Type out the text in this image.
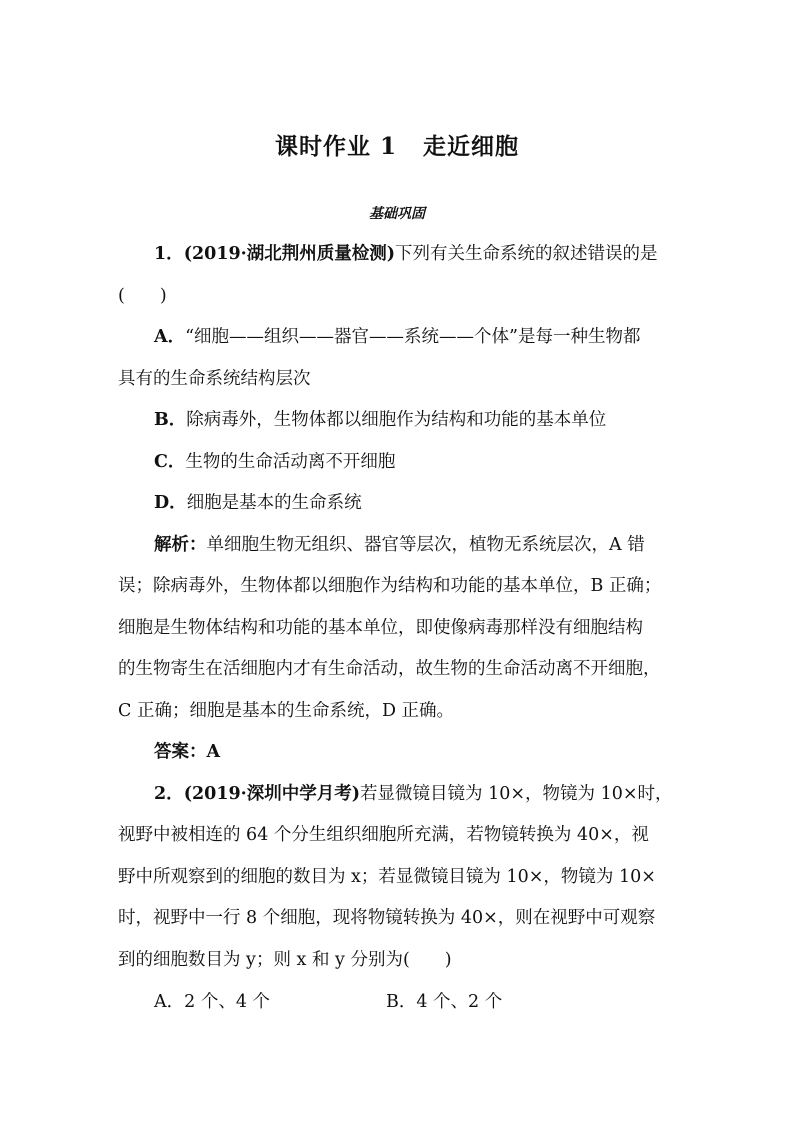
课时作业 1 走近细胞
基础巩固
1．(2019·湖北荆州质量检测)下列有关生命系统的叙述错误的是
(　　)
A．“细胞——组织——器官——系统——个体”是每一种生物都
具有的生命系统结构层次
B．除病毒外，生物体都以细胞作为结构和功能的基本单位
C．生物的生命活动离不开细胞
D．细胞是基本的生命系统
解析：单细胞生物无组织、器官等层次，植物无系统层次，A 错
误；除病毒外，生物体都以细胞作为结构和功能的基本单位，B 正确；
细胞是生物体结构和功能的基本单位，即使像病毒那样没有细胞结构
的生物寄生在活细胞内才有生命活动，故生物的生命活动离不开细胞，
C 正确；细胞是基本的生命系统，D 正确。
答案：A
2．(2019·深圳中学月考)若显微镜目镜为 10×，物镜为 10×时，
视野中被相连的 64 个分生组织细胞所充满，若物镜转换为 40×，视
野中所观察到的细胞的数目为 x；若显微镜目镜为 10×，物镜为 10×
时，视野中一行 8 个细胞，现将物镜转换为 40×，则在视野中可观察
到的细胞数目为 y；则 x 和 y 分别为(　　)
A．2 个、4 个	B．4 个、2 个
